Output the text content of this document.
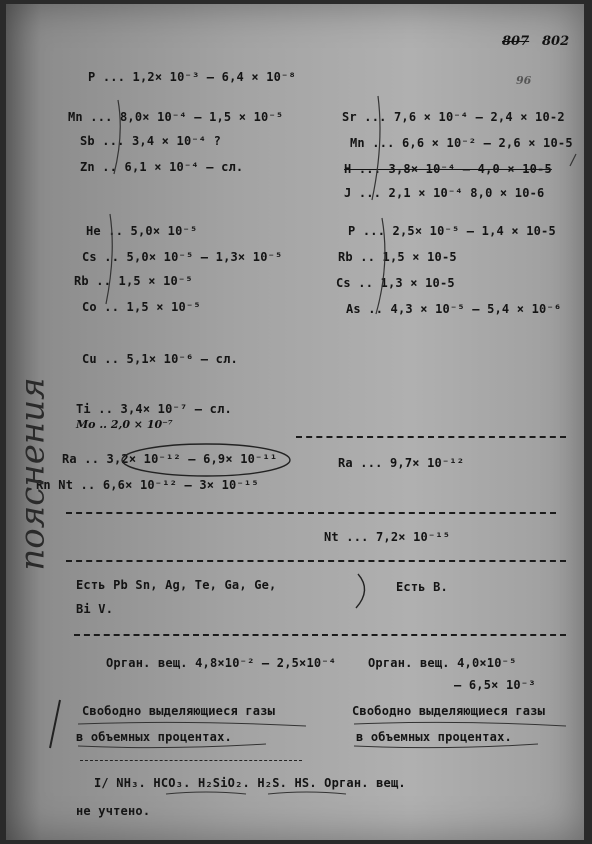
807 802
96
P ... 1,2× 10⁻³ – 6,4 × 10⁻⁸
Mn ... 8,0× 10⁻⁴ – 1,5 × 10⁻⁵
Sb ... 3,4 × 10⁻⁴ ?
Zn .. 6,1 × 10⁻⁴ – сл.
He .. 5,0× 10⁻⁵
Cs .. 5,0× 10⁻⁵ – 1,3× 10⁻⁵
Rb .. 1,5 × 10⁻⁵
Co .. 1,5 × 10⁻⁵
Cu .. 5,1× 10⁻⁶ – сл.
Ti .. 3,4× 10⁻⁷ – сл.
Mo .. 2,0 × 10⁻⁷
Sr ... 7,6 × 10⁻⁴ – 2,4 × 10-2
Mn ... 6,6 × 10⁻² – 2,6 × 10-5
H ... 3,8× 10⁻⁴ – 4,0 × 10-5
J ... 2,1 × 10⁻⁴ 8,0 × 10-6
P ... 2,5× 10⁻⁵ – 1,4 × 10-5
Rb .. 1,5 × 10-5
Cs .. 1,3 × 10-5
As .. 4,3 × 10⁻⁵ – 5,4 × 10⁻⁶
Ra .. 3,2× 10⁻¹² – 6,9× 10⁻¹¹
Rn Nt .. 6,6× 10⁻¹² – 3× 10⁻¹⁵
Ra ... 9,7× 10⁻¹²
Nt ... 7,2× 10⁻¹⁵
Есть Pb Sn, Ag, Te, Ga, Ge,
Bi V.
Есть B.
Орган. вещ. 4,8×10⁻² – 2,5×10⁻⁴	Орган. вещ. 4,0×10⁻⁵
– 6,5× 10⁻³
Свободно выделяющиеся газы
в объемных процентах.
Свободно выделяющиеся газы
в объемных процентах.
I/ NH₃. HCO₃. H₂SiO₂. H₂S. HS. Орган. вещ.
не учтено.
пояснения
